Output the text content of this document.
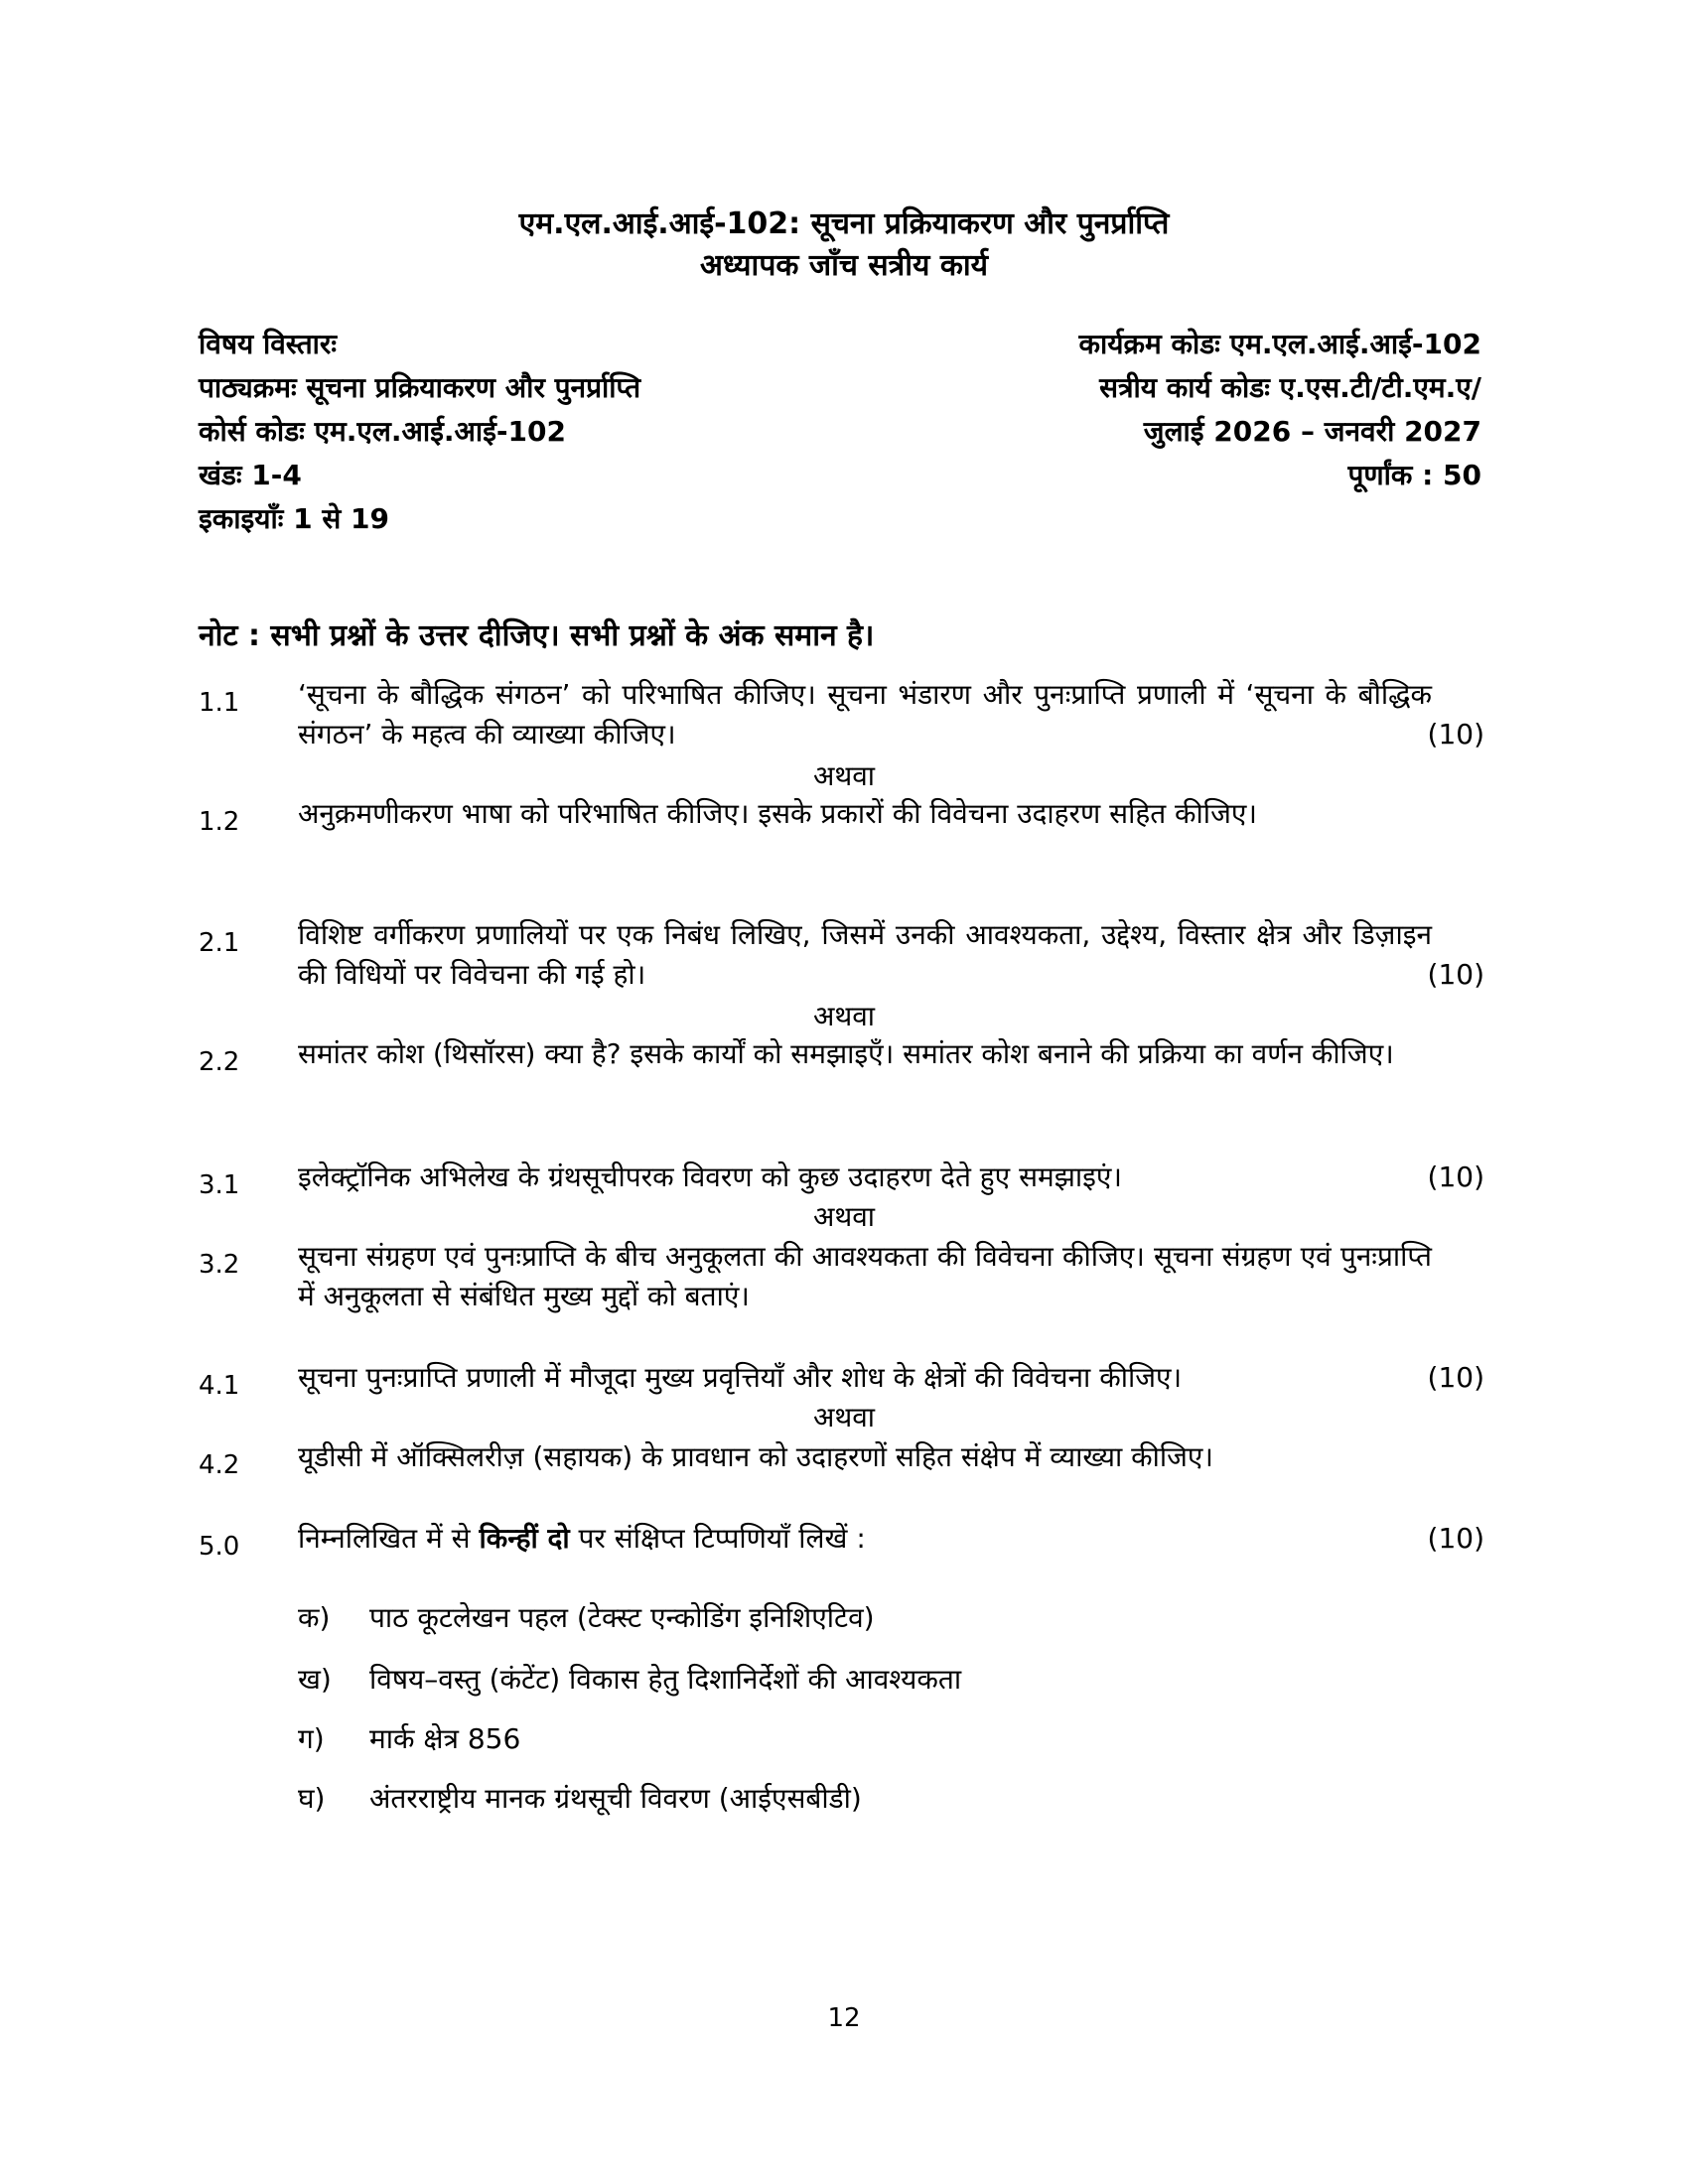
एम.एल.आई.आई-102: सूचना प्रक्रियाकरण और पुनर्प्राप्ति

अध्यापक जाँच सत्रीय कार्य

विषय विस्तारः
पाठ्यक्रमः सूचना प्रक्रियाकरण और पुनर्प्राप्ति
कोर्स कोडः एम.एल.आई.आई-102
खंडः 1-4
इकाइयाँः 1 से 19
कार्यक्रम कोडः एम.एल.आई.आई-102
सत्रीय कार्य कोडः ए.एस.टी/टी.एम.ए/
जुलाई 2026 – जनवरी 2027
पूर्णांक : 50
नोट : सभी प्रश्नों के उत्तर दीजिए। सभी प्रश्नों के अंक समान है।
1.1	‘सूचना के बौद्धिक संगठन’ को परिभाषित कीजिए। सूचना भंडारण और पुनःप्राप्ति प्रणाली में ‘सूचना के बौद्धिक संगठन’ के महत्व की व्याख्या कीजिए।	(10)
अथवा
1.2	अनुक्रमणीकरण भाषा को परिभाषित कीजिए। इसके प्रकारों की विवेचना उदाहरण सहित कीजिए।
2.1	विशिष्ट वर्गीकरण प्रणालियों पर एक निबंध लिखिए, जिसमें उनकी आवश्यकता, उद्देश्य, विस्तार क्षेत्र और डिज़ाइन की विधियों पर विवेचना की गई हो।	(10)
अथवा
2.2	समांतर कोश (थिसॉरस) क्या है? इसके कार्यों को समझाइएँ। समांतर कोश बनाने की प्रक्रिया का वर्णन कीजिए।
3.1	इलेक्ट्रॉनिक अभिलेख के ग्रंथसूचीपरक विवरण को कुछ उदाहरण देते हुए समझाइएं।	(10)
अथवा
3.2	सूचना संग्रहण एवं पुनःप्राप्ति के बीच अनुकूलता की आवश्यकता की विवेचना कीजिए। सूचना संग्रहण एवं पुनःप्राप्ति में अनुकूलता से संबंधित मुख्य मुद्दों को बताएं।
4.1	सूचना पुनःप्राप्ति प्रणाली में मौजूदा मुख्य प्रवृत्तियाँ और शोध के क्षेत्रों की विवेचना कीजिए।	(10)
अथवा
4.2	यूडीसी में ऑक्सिलरीज़ (सहायक) के प्रावधान को उदाहरणों सहित संक्षेप में व्याख्या कीजिए।
5.0	निम्नलिखित में से किन्हीं दो पर संक्षिप्त टिप्पणियाँ लिखें :	(10)
क) पाठ कूटलेखन पहल (टेक्स्ट एन्कोडिंग इनिशिएटिव)
ख) विषय–वस्तु (कंटेंट) विकास हेतु दिशानिर्देशों की आवश्यकता
ग) मार्क क्षेत्र 856
घ) अंतरराष्ट्रीय मानक ग्रंथसूची विवरण (आईएसबीडी)
12
